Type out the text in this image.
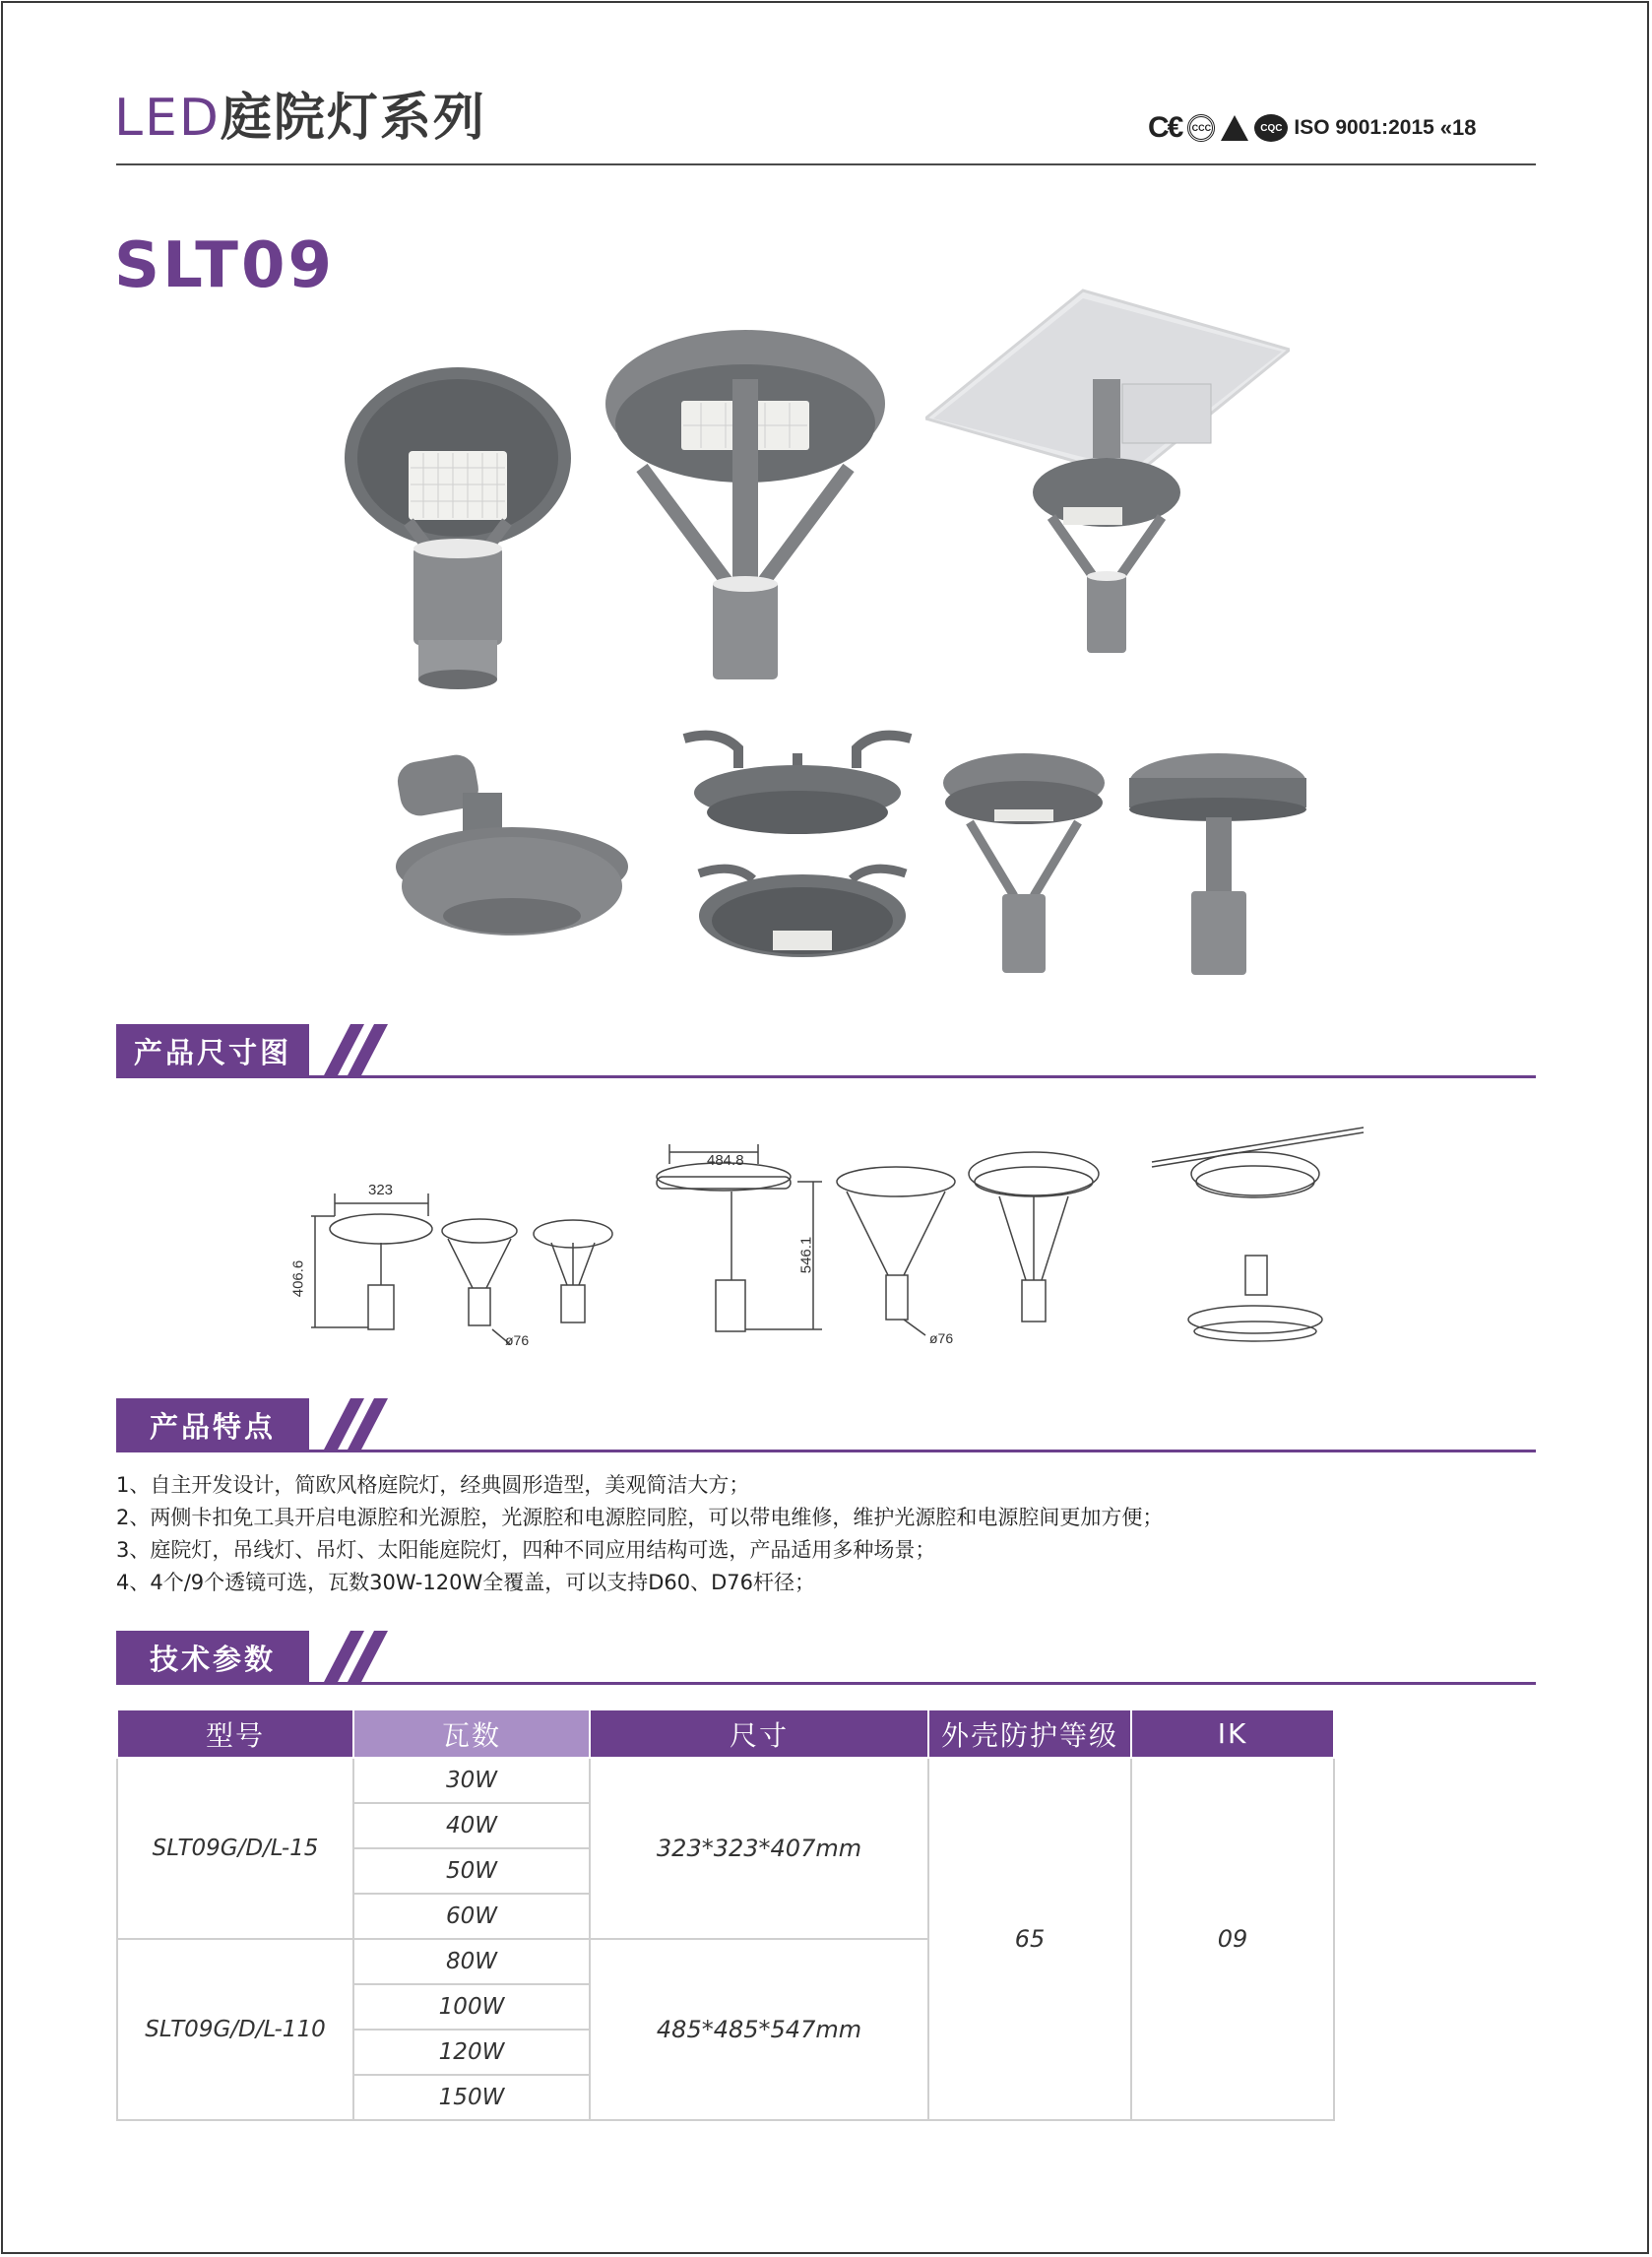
LED庭院灯系列	C€	CCC	CQC ISO 9001:2015 «18
SLT09
产品尺寸图
323
406.6
ø76
484.8
546.1
ø76
产品特点
1、自主开发设计，简欧风格庭院灯，经典圆形造型，美观简洁大方；
2、两侧卡扣免工具开启电源腔和光源腔，光源腔和电源腔同腔，可以带电维修，维护光源腔和电源腔间更加方便；
3、庭院灯，吊线灯、吊灯、太阳能庭院灯，四种不同应用结构可选，产品适用多种场景；
4、4个/9个透镜可选，瓦数30W-120W全覆盖，可以支持D60、D76杆径；
技术参数
型号	瓦数	尺寸	外壳防护等级	IK
SLT09G/D/L-15	30W	323*323*407mm	65	09
	40W			
	50W			
	60W			
SLT09G/D/L-110	80W	485*485*547mm		
	100W			
	120W			
	150W			
